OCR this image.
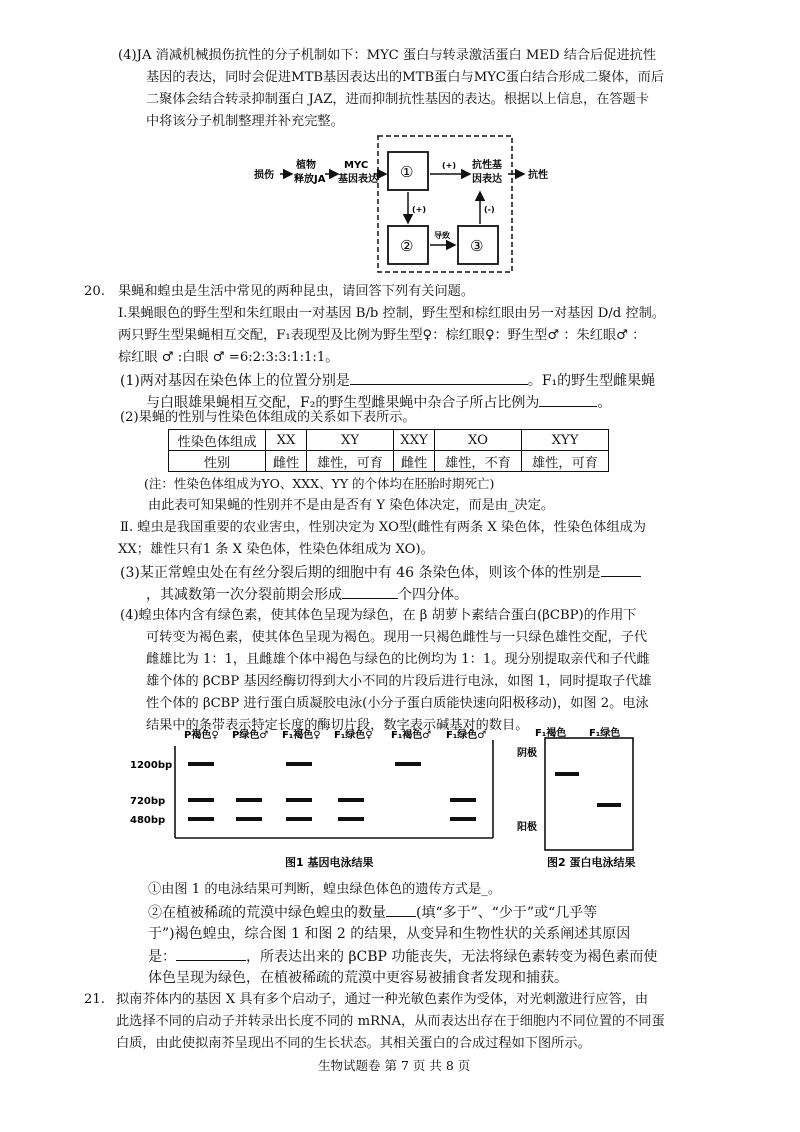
(4)JA 消减机械损伤抗性的分子机制如下：MYC 蛋白与转录激活蛋白 MED 结合后促进抗性
基因的表达，同时会促进MTB基因表达出的MTB蛋白与MYC蛋白结合形成二聚体，而后
二聚体会结合转录抑制蛋白 JAZ，进而抑制抗性基因的表达。根据以上信息，在答题卡
中将该分子机制整理并补充完整。
损伤
植物
释放JA
MYC
基因表达 ①
②	③
(+)
(+)	(-)
导致
抗性基
因表达	抗性
20. 果蝇和蝗虫是生活中常见的两种昆虫，请回答下列有关问题。
I.果蝇眼色的野生型和朱红眼由一对基因 B/b 控制，野生型和棕红眼由另一对基因 D/d 控制。
两只野生型果蝇相互交配，F₁表现型及比例为野生型♀：棕红眼♀：野生型♂ ：朱红眼♂ ：
棕红眼 ♂ :白眼 ♂ =6:2:3:3:1:1:1。
(1)两对基因在染色体上的位置分别是	。F₁的野生型雌果蝇
与白眼雄果蝇相互交配，F₂的野生型雌果蝇中杂合子所占比例为	。
(2)果蝇的性别与性染色体组成的关系如下表所示。
性染色体组成	XX	XY	XXY	XO	XYY
性别	雌性	雄性，可育	雌性	雄性，不育	雄性，可育
(注：性染色体组成为YO、XXX、YY 的个体均在胚胎时期死亡)
由此表可知果蝇的性别并不是由是否有 Y 染色体决定，而是由_决定。
Ⅱ. 蝗虫是我国重要的农业害虫，性别决定为 XO型(雌性有两条 X 染色体，性染色体组成为
XX；雄性只有1 条 X 染色体，性染色体组成为 XO)。
(3)某正常蝗虫处在有丝分裂后期的细胞中有 46 条染色体，则该个体的性别是
，其减数第一次分裂前期会形成	个四分体。
(4)蝗虫体内含有绿色素，使其体色呈现为绿色，在 β 胡萝卜素结合蛋白(βCBP)的作用下
可转变为褐色素，使其体色呈现为褐色。现用一只褐色雌性与一只绿色雄性交配，子代
雌雄比为 1：1，且雌雄个体中褐色与绿色的比例均为 1：1。现分别提取亲代和子代雌
雄个体的 βCBP 基因经酶切得到大小不同的片段后进行电泳，如图 1，同时提取子代雄
性个体的 βCBP 进行蛋白质凝胶电泳(小分子蛋白质能快速向阳极移动)，如图 2。电泳
结果中的条带表示特定长度的酶切片段，数字表示碱基对的数目。
P褐色♀ P绿色♂ F₁褐色♀ F₁绿色♀ F₁褐色♂ F₁绿色♂
1200bp
720bp
480bp
图1 基因电泳结果
F₁褐色 F₁绿色
阴极
阳极
图2 蛋白电泳结果
①由图 1 的电泳结果可判断，蝗虫绿色体色的遗传方式是_。
②在植被稀疏的荒漠中绿色蝗虫的数量 (填“多于”、“少于”或“几乎等
于”)褐色蝗虫，综合图 1 和图 2 的结果，从变异和生物性状的关系阐述其原因
是：	，所表达出来的 βCBP 功能丧失，无法将绿色素转变为褐色素而使
体色呈现为绿色，在植被稀疏的荒漠中更容易被捕食者发现和捕获。
21. 拟南芥体内的基因 X 具有多个启动子，通过一种光敏色素作为受体，对光刺激进行应答，由
此选择不同的启动子并转录出长度不同的 mRNA，从而表达出存在于细胞内不同位置的不同蛋
白质，由此使拟南芥呈现出不同的生长状态。其相关蛋白的合成过程如下图所示。
生物试题卷 第 7 页 共 8 页
